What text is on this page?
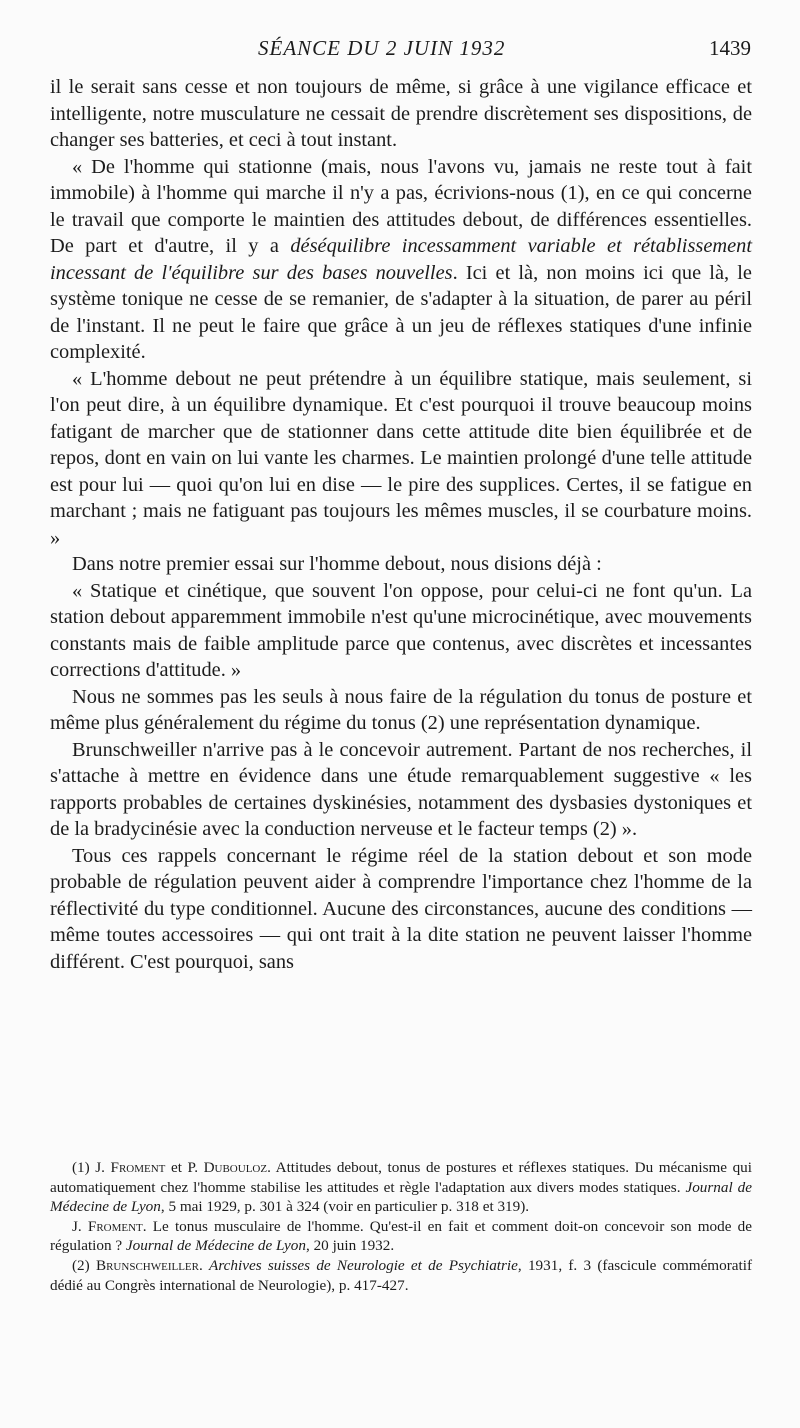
SÉANCE DU 2 JUIN 1932	1439

il le serait sans cesse et non toujours de même, si grâce à une vigilance efficace et intelligente, notre musculature ne cessait de prendre discrètement ses dispositions, de changer ses batteries, et ceci à tout instant.

« De l'homme qui stationne (mais, nous l'avons vu, jamais ne reste tout à fait immobile) à l'homme qui marche il n'y a pas, écrivions-nous (1), en ce qui concerne le travail que comporte le maintien des attitudes debout, de différences essentielles. De part et d'autre, il y a déséquilibre incessamment variable et rétablissement incessant de l'équilibre sur des bases nouvelles. Ici et là, non moins ici que là, le système tonique ne cesse de se remanier, de s'adapter à la situation, de parer au péril de l'instant. Il ne peut le faire que grâce à un jeu de réflexes statiques d'une infinie complexité.

« L'homme debout ne peut prétendre à un équilibre statique, mais seulement, si l'on peut dire, à un équilibre dynamique. Et c'est pourquoi il trouve beaucoup moins fatigant de marcher que de stationner dans cette attitude dite bien équilibrée et de repos, dont en vain on lui vante les charmes. Le maintien prolongé d'une telle attitude est pour lui — quoi qu'on lui en dise — le pire des supplices. Certes, il se fatigue en marchant ; mais ne fatiguant pas toujours les mêmes muscles, il se courbature moins. »

Dans notre premier essai sur l'homme debout, nous disions déjà :

« Statique et cinétique, que souvent l'on oppose, pour celui-ci ne font qu'un. La station debout apparemment immobile n'est qu'une microcinétique, avec mouvements constants mais de faible amplitude parce que contenus, avec discrètes et incessantes corrections d'attitude. »

Nous ne sommes pas les seuls à nous faire de la régulation du tonus de posture et même plus généralement du régime du tonus (2) une représentation dynamique.

Brunschweiller n'arrive pas à le concevoir autrement. Partant de nos recherches, il s'attache à mettre en évidence dans une étude remarquablement suggestive « les rapports probables de certaines dyskinésies, notamment des dysbasies dystoniques et de la bradycinésie avec la conduction nerveuse et le facteur temps (2) ».

Tous ces rappels concernant le régime réel de la station debout et son mode probable de régulation peuvent aider à comprendre l'importance chez l'homme de la réflectivité du type conditionnel. Aucune des circonstances, aucune des conditions — même toutes accessoires — qui ont trait à la dite station ne peuvent laisser l'homme différent. C'est pourquoi, sans

(1) J. Froment et P. Dubouloz. Attitudes debout, tonus de postures et réflexes statiques. Du mécanisme qui automatiquement chez l'homme stabilise les attitudes et règle l'adaptation aux divers modes statiques. Journal de Médecine de Lyon, 5 mai 1929, p. 301 à 324 (voir en particulier p. 318 et 319).

J. Froment. Le tonus musculaire de l'homme. Qu'est-il en fait et comment doit-on concevoir son mode de régulation ? Journal de Médecine de Lyon, 20 juin 1932.

(2) Brunschweiller. Archives suisses de Neurologie et de Psychiatrie, 1931, f. 3 (fascicule commémoratif dédié au Congrès international de Neurologie), p. 417-427.
